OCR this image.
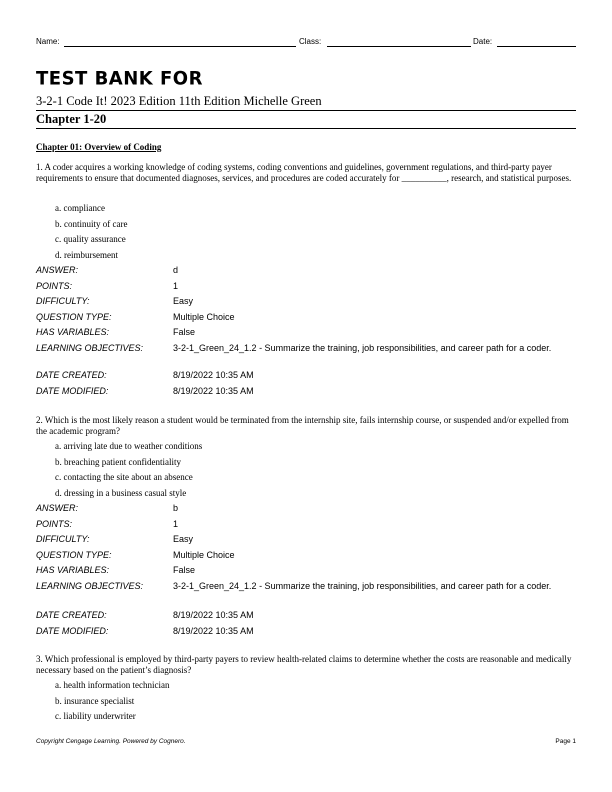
Name:	Class:	Date:
TEST BANK FOR
3-2-1 Code It! 2023 Edition 11th Edition Michelle Green
Chapter 1-20
Chapter 01: Overview of Coding
1. A coder acquires a working knowledge of coding systems, coding conventions and guidelines, government regulations, and third-party payer requirements to ensure that documented diagnoses, services, and procedures are coded accurately for __________, research, and statistical purposes.
a. compliance
b. continuity of care
c. quality assurance
d. reimbursement
ANSWER:	d
POINTS:	1
DIFFICULTY:	Easy
QUESTION TYPE:	Multiple Choice
HAS VARIABLES:	False
LEARNING OBJECTIVES:	3-2-1_Green_24_1.2 - Summarize the training, job responsibilities, and career path for a coder.
DATE CREATED:	8/19/2022 10:35 AM
DATE MODIFIED:	8/19/2022 10:35 AM
2. Which is the most likely reason a student would be terminated from the internship site, fails internship course, or suspended and/or expelled from the academic program?
a. arriving late due to weather conditions
b. breaching patient confidentiality
c. contacting the site about an absence
d. dressing in a business casual style
ANSWER:	b
POINTS:	1
DIFFICULTY:	Easy
QUESTION TYPE:	Multiple Choice
HAS VARIABLES:	False
LEARNING OBJECTIVES:	3-2-1_Green_24_1.2 - Summarize the training, job responsibilities, and career path for a coder.
DATE CREATED:	8/19/2022 10:35 AM
DATE MODIFIED:	8/19/2022 10:35 AM
3. Which professional is employed by third-party payers to review health-related claims to determine whether the costs are reasonable and medically necessary based on the patient’s diagnosis?
a. health information technician
b. insurance specialist
c. liability underwriter
Copyright Cengage Learning. Powered by Cognero.	Page 1
